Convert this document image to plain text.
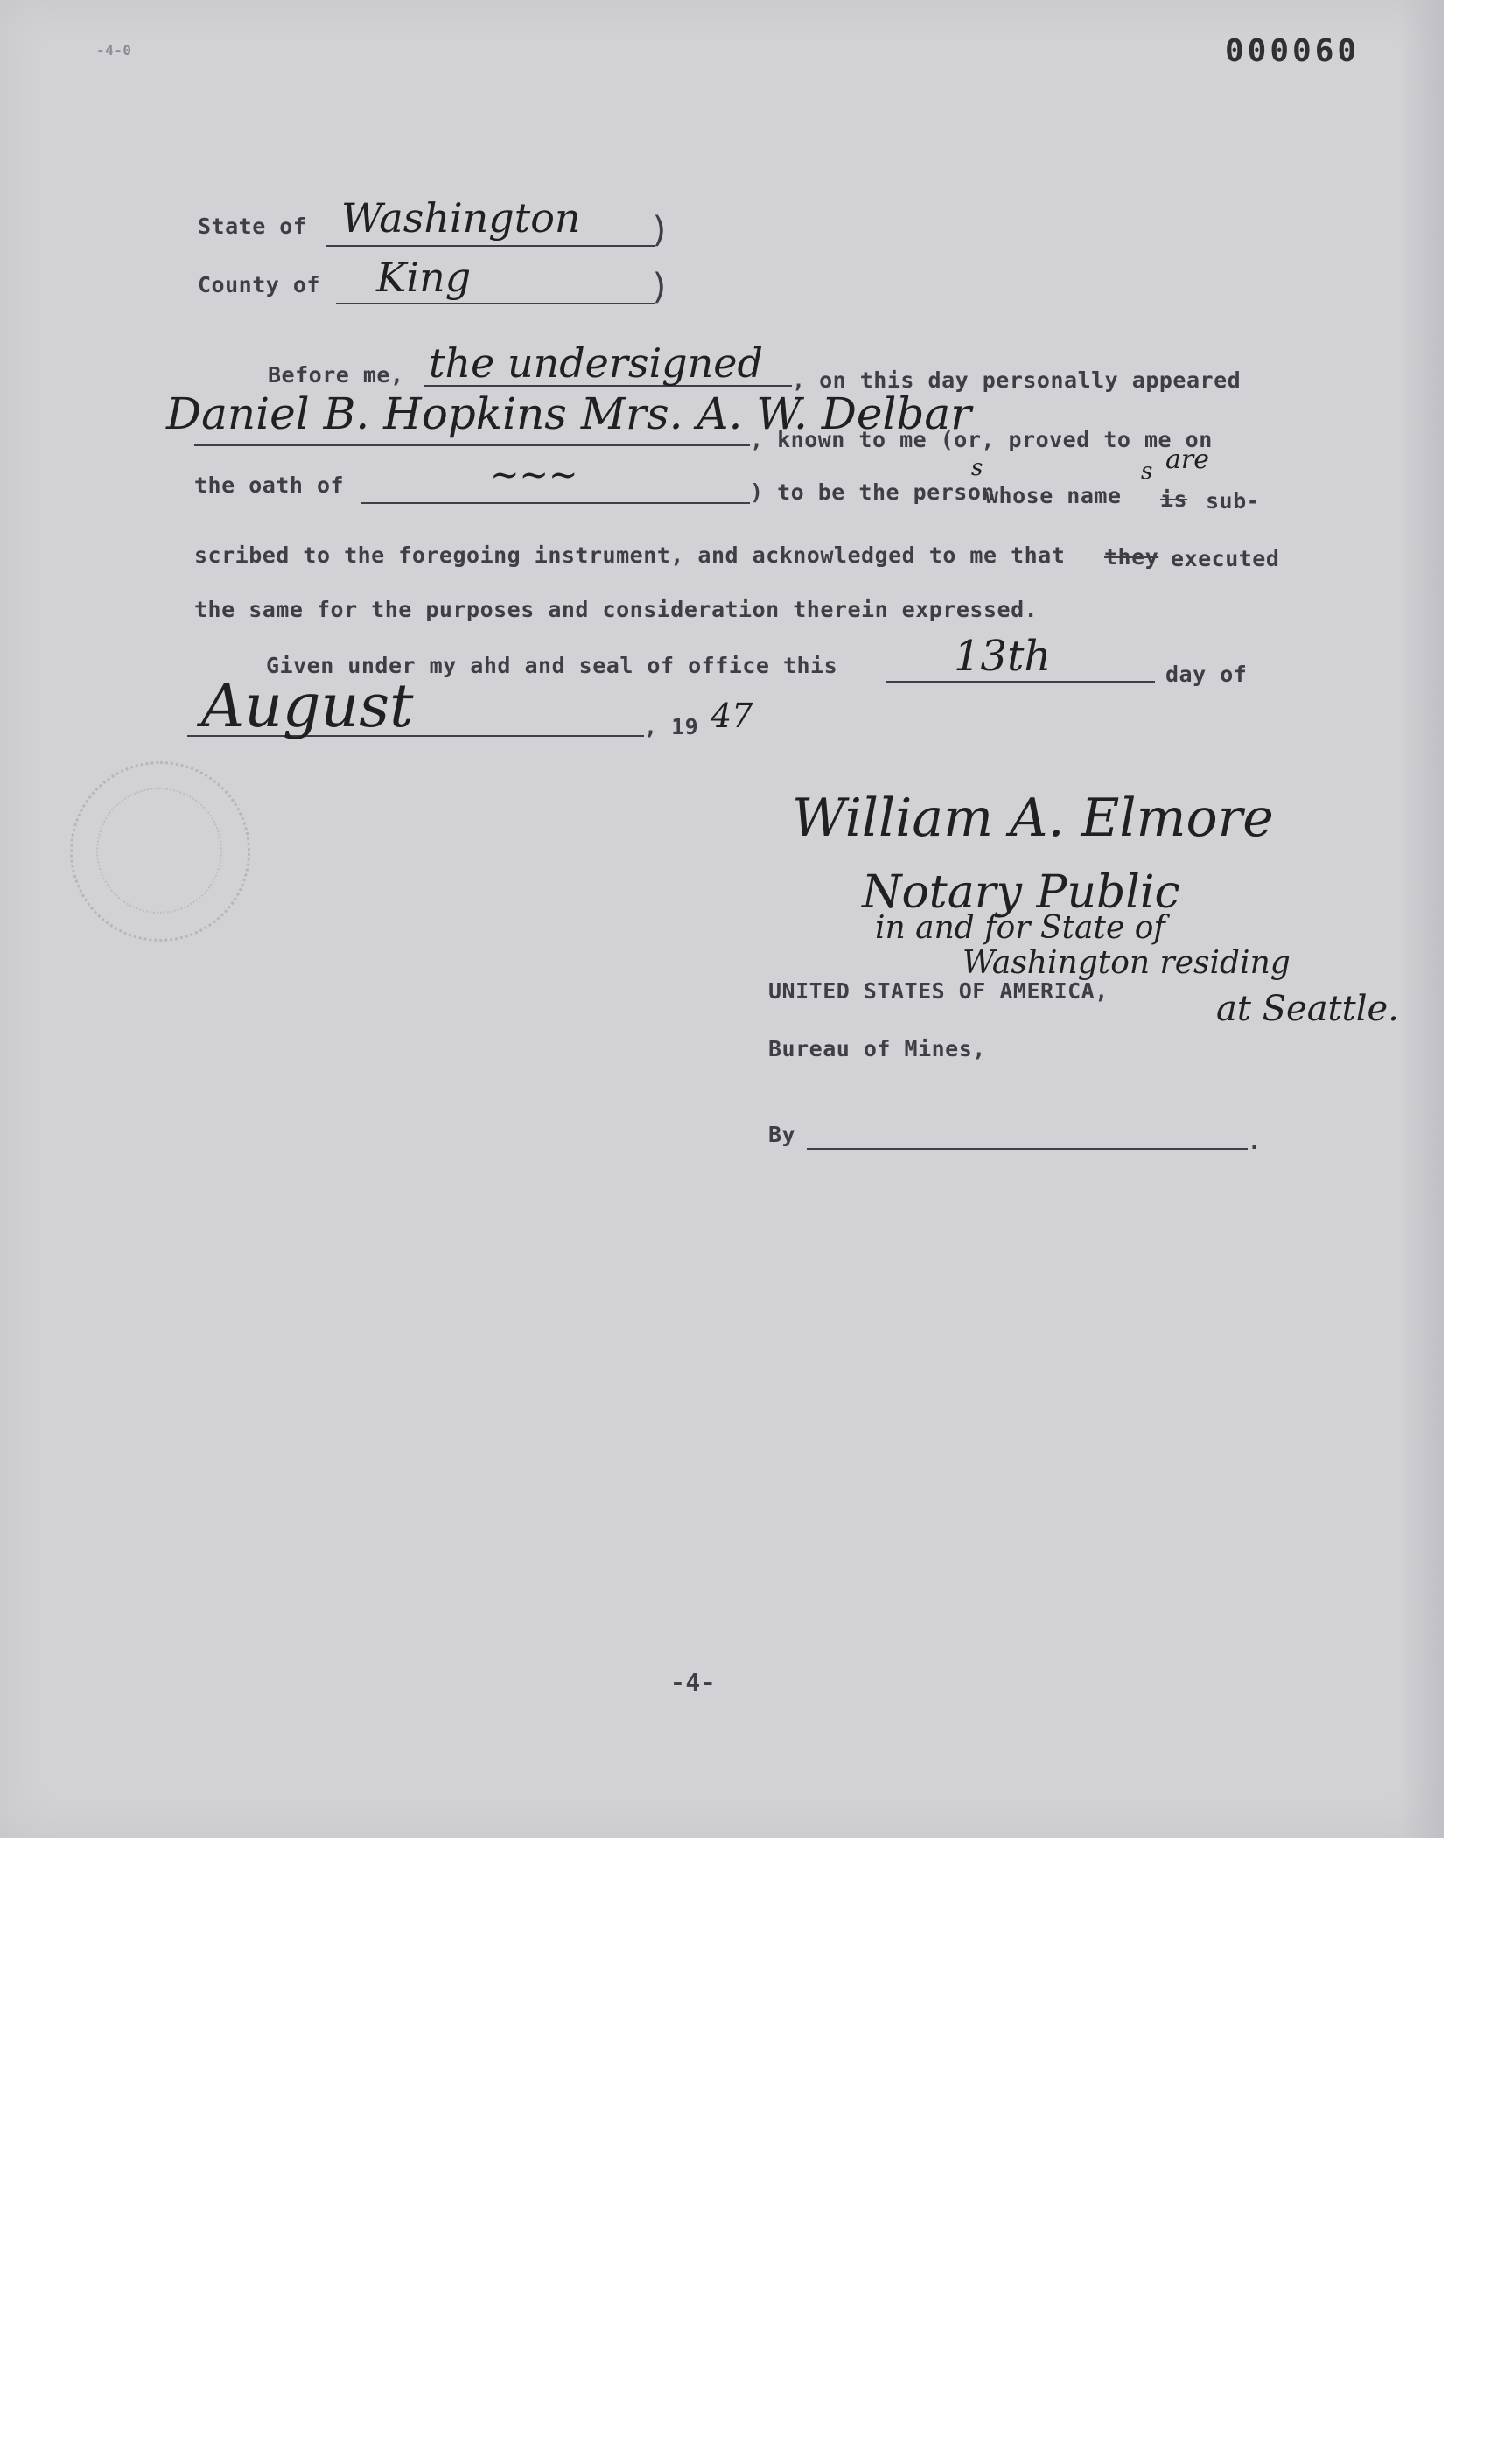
-4-0	000060
State of Washington )
County of King	)
Before me, the undersigned , on this day personally appeared
Daniel B. Hopkins Mrs. A. W. Delbar
, known to me (or, proved to me on
the oath of	~~~	) to be the person
s
whose name
s are
is sub-
scribed to the foregoing instrument, and acknowledged to me that they executed
the same for the purposes and consideration therein expressed.
Given under my ahd and seal of office this	13th	day of
August	, 19 47
William A. Elmore
Notary Public
in and for State of
Washington residing
at Seattle.
UNITED STATES OF AMERICA,
Bureau of Mines,
By	.
-4-
